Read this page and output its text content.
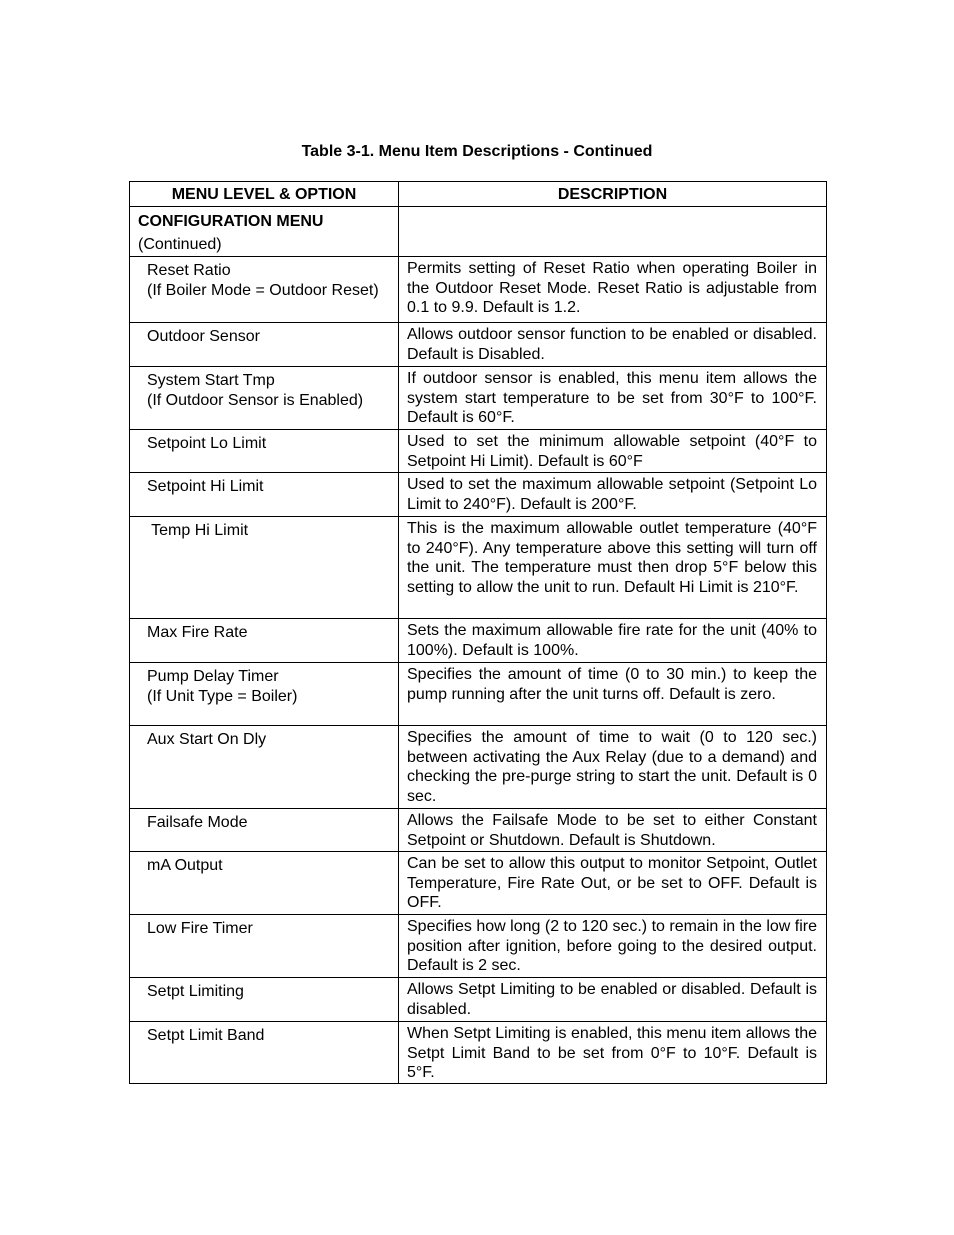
Table 3-1. Menu Item Descriptions - Continued
MENU LEVEL & OPTION	DESCRIPTION

CONFIGURATION MENU
(Continued)	

Reset Ratio
(If Boiler Mode = Outdoor Reset)	Permits setting of Reset Ratio when operating Boiler in the Outdoor Reset Mode. Reset Ratio is adjustable from 0.1 to 9.9. Default is 1.2.

Outdoor Sensor	Allows outdoor sensor function to be enabled or disabled. Default is Disabled.

System Start Tmp
(If Outdoor Sensor is Enabled)	If outdoor sensor is enabled, this menu item allows the system start temperature to be set from 30°F to 100°F. Default is 60°F.

Setpoint Lo Limit	Used to set the minimum allowable setpoint (40°F to Setpoint Hi Limit). Default is 60°F

Setpoint Hi Limit	Used to set the maximum allowable setpoint (Setpoint Lo Limit to 240°F). Default is 200°F.

Temp Hi Limit	This is the maximum allowable outlet temperature (40°F to 240°F). Any temperature above this setting will turn off the unit. The temperature must then drop 5°F below this setting to allow the unit to run. Default Hi Limit is 210°F.

Max Fire Rate	Sets the maximum allowable fire rate for the unit (40% to 100%). Default is 100%.

Pump Delay Timer
(If Unit Type = Boiler)	Specifies the amount of time (0 to 30 min.) to keep the pump running after the unit turns off. Default is zero.

Aux Start On Dly	Specifies the amount of time to wait (0 to 120 sec.) between activating the Aux Relay (due to a demand) and checking the pre-purge string to start the unit. Default is 0 sec.

Failsafe Mode	Allows the Failsafe Mode to be set to either Constant Setpoint or Shutdown. Default is Shutdown.

mA Output	Can be set to allow this output to monitor Setpoint, Outlet Temperature, Fire Rate Out, or be set to OFF. Default is OFF.

Low Fire Timer	Specifies how long (2 to 120 sec.) to remain in the low fire position after ignition, before going to the desired output. Default is 2 sec.

Setpt Limiting	Allows Setpt Limiting to be enabled or disabled. Default is disabled.

Setpt Limit Band	When Setpt Limiting is enabled, this menu item allows the Setpt Limit Band to be set from 0°F to 10°F. Default is 5°F.
